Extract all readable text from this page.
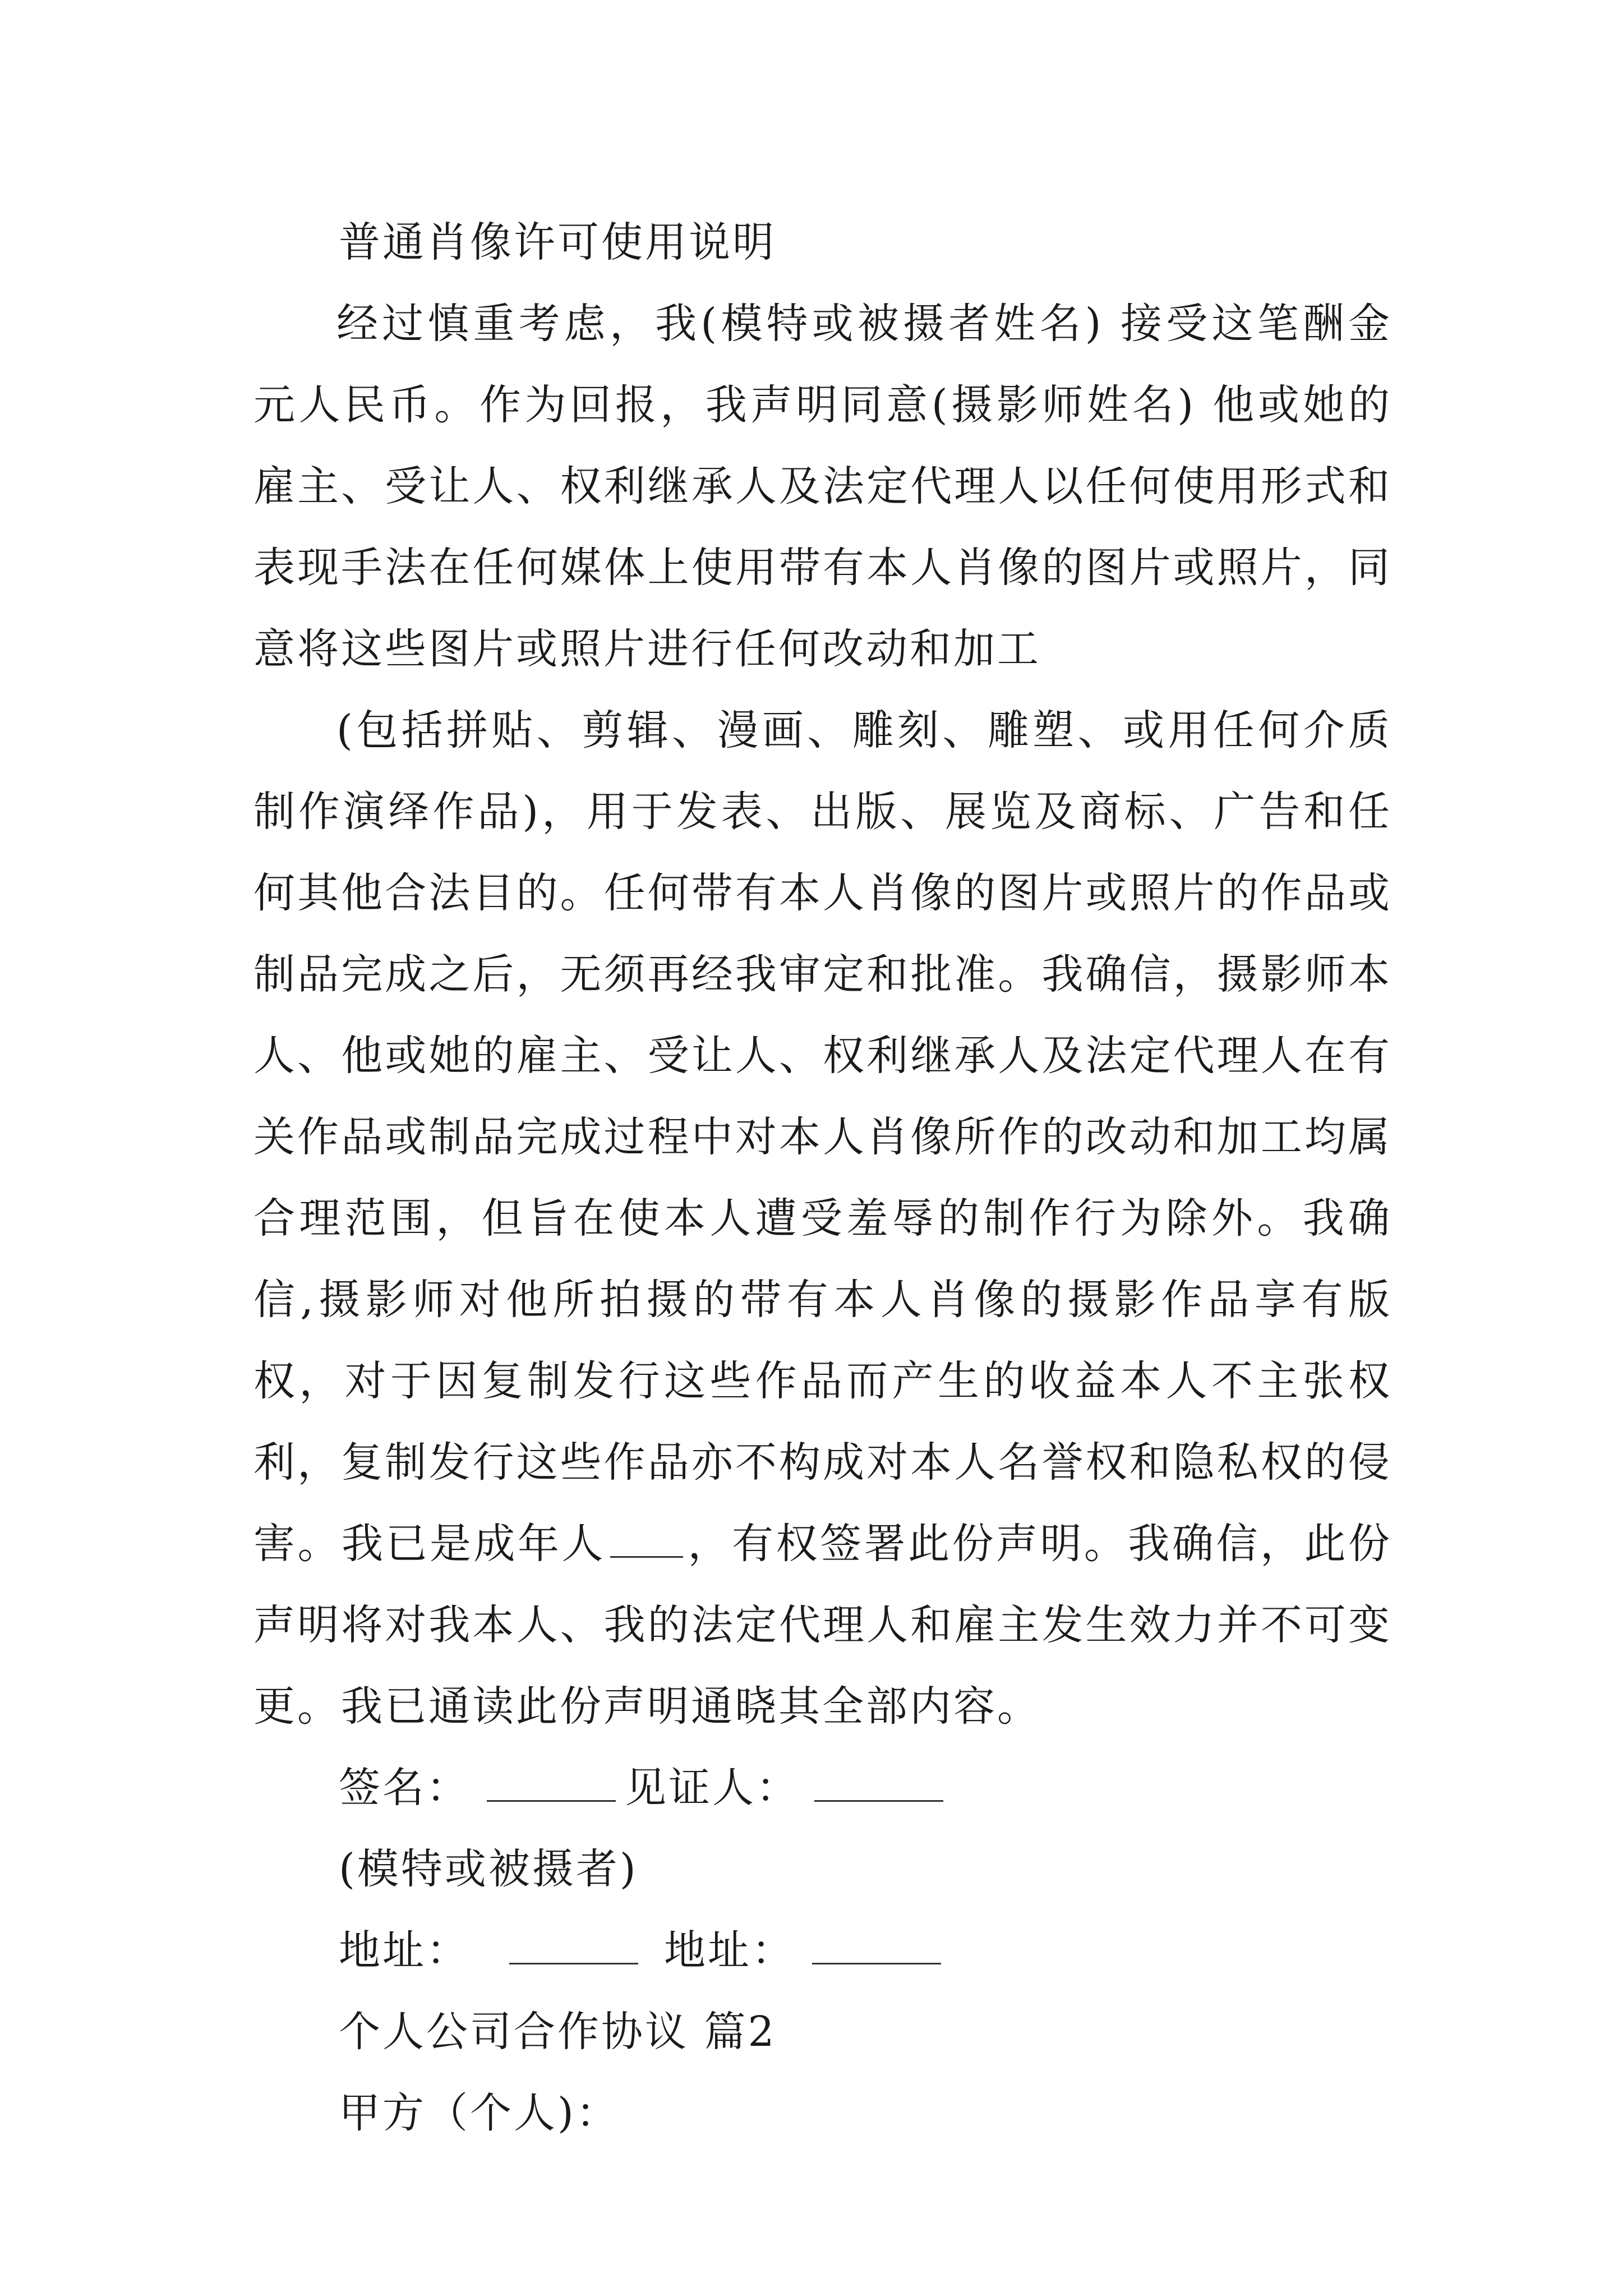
普通肖像许可使用说明

经过慎重考虑，我(模特或被摄者姓名) 接受这笔酬金元人民币。作为回报，我声明同意(摄影师姓名) 他或她的雇主、受让人、权利继承人及法定代理人以任何使用形式和表现手法在任何媒体上使用带有本人肖像的图片或照片，同意将这些图片或照片进行任何改动和加工

(包括拼贴、剪辑、漫画、雕刻、雕塑、或用任何介质制作演绎作品)，用于发表、出版、展览及商标、广告和任何其他合法目的。任何带有本人肖像的图片或照片的作品或制品完成之后，无须再经我审定和批准。我确信，摄影师本人、他或她的雇主、受让人、权利继承人及法定代理人在有关作品或制品完成过程中对本人肖像所作的改动和加工均属合理范围，但旨在使本人遭受羞辱的制作行为除外。我确信,摄影师对他所拍摄的带有本人肖像的摄影作品享有版权，对于因复制发行这些作品而产生的收益本人不主张权利，复制发行这些作品亦不构成对本人名誉权和隐私权的侵害。我已是成年人 ，有权签署此份声明。我确信，此份声明将对我本人、我的法定代理人和雇主发生效力并不可变更。我已通读此份声明通晓其全部内容。

签名：	见证人：

(模特或被摄者)

地址：	地址：

个人公司合作协议 篇2

甲方（个人)：
